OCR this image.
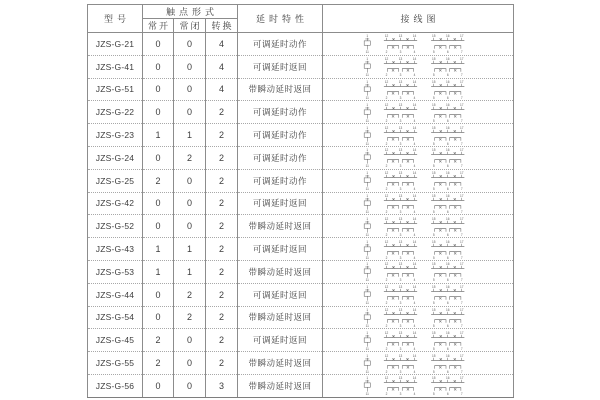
型号	触点形式			延时特性	接线图
	常开	常闭	转换		
JZS-G-21	0	0	4	可调延时动作	
1
11
12	13	14
2	3	4
15	16	17
5	6	7

JZS-G-41	0	0	4	可调延时返回	
1
11
12	13	14
2	3	4
15	16	17
5	6	7

JZS-G-51	0	0	4	带瞬动延时返回	
1
11
12	13	14
2	3	4
15	16	17
5	6	7

JZS-G-22	0	0	2	可调延时动作	
1
11
12	13	14
2	3	4
15	16	17
5	6	7

JZS-G-23	1	1	2	可调延时动作	
1
11
12	13	14
2	3	4
15	16	17
5	6	7

JZS-G-24	0	2	2	可调延时动作	
1
11
12	13	14
2	3	4
15	16	17
5	6	7

JZS-G-25	2	0	2	可调延时动作	
1
11
12	13	14
2	3	4
15	16	17
5	6	7

JZS-G-42	0	0	2	可调延时返回	
1
11
12	13	14
2	3	4
15	16	17
5	6	7

JZS-G-52	0	0	2	带瞬动延时返回	
1
11
12	13	14
2	3	4
15	16	17
5	6	7

JZS-G-43	1	1	2	可调延时返回	
1
11
12	13	14
2	3	4
15	16	17
5	6	7

JZS-G-53	1	1	2	带瞬动延时返回	
1
11
12	13	14
2	3	4
15	16	17
5	6	7

JZS-G-44	0	2	2	可调延时返回	
1
11
12	13	14
2	3	4
15	16	17
5	6	7

JZS-G-54	0	2	2	带瞬动延时返回	
1
11
12	13	14
2	3	4
15	16	17
5	6	7

JZS-G-45	2	0	2	可调延时返回	
1
11
12	13	14
2	3	4
15	16	17
5	6	7

JZS-G-55	2	0	2	带瞬动延时返回	
1
11
12	13	14
2	3	4
15	16	17
5	6	7

JZS-G-56	0	0	3	带瞬动延时返回	
1
11
12	13	14
2	3	4
15	16	17
5	6	7
